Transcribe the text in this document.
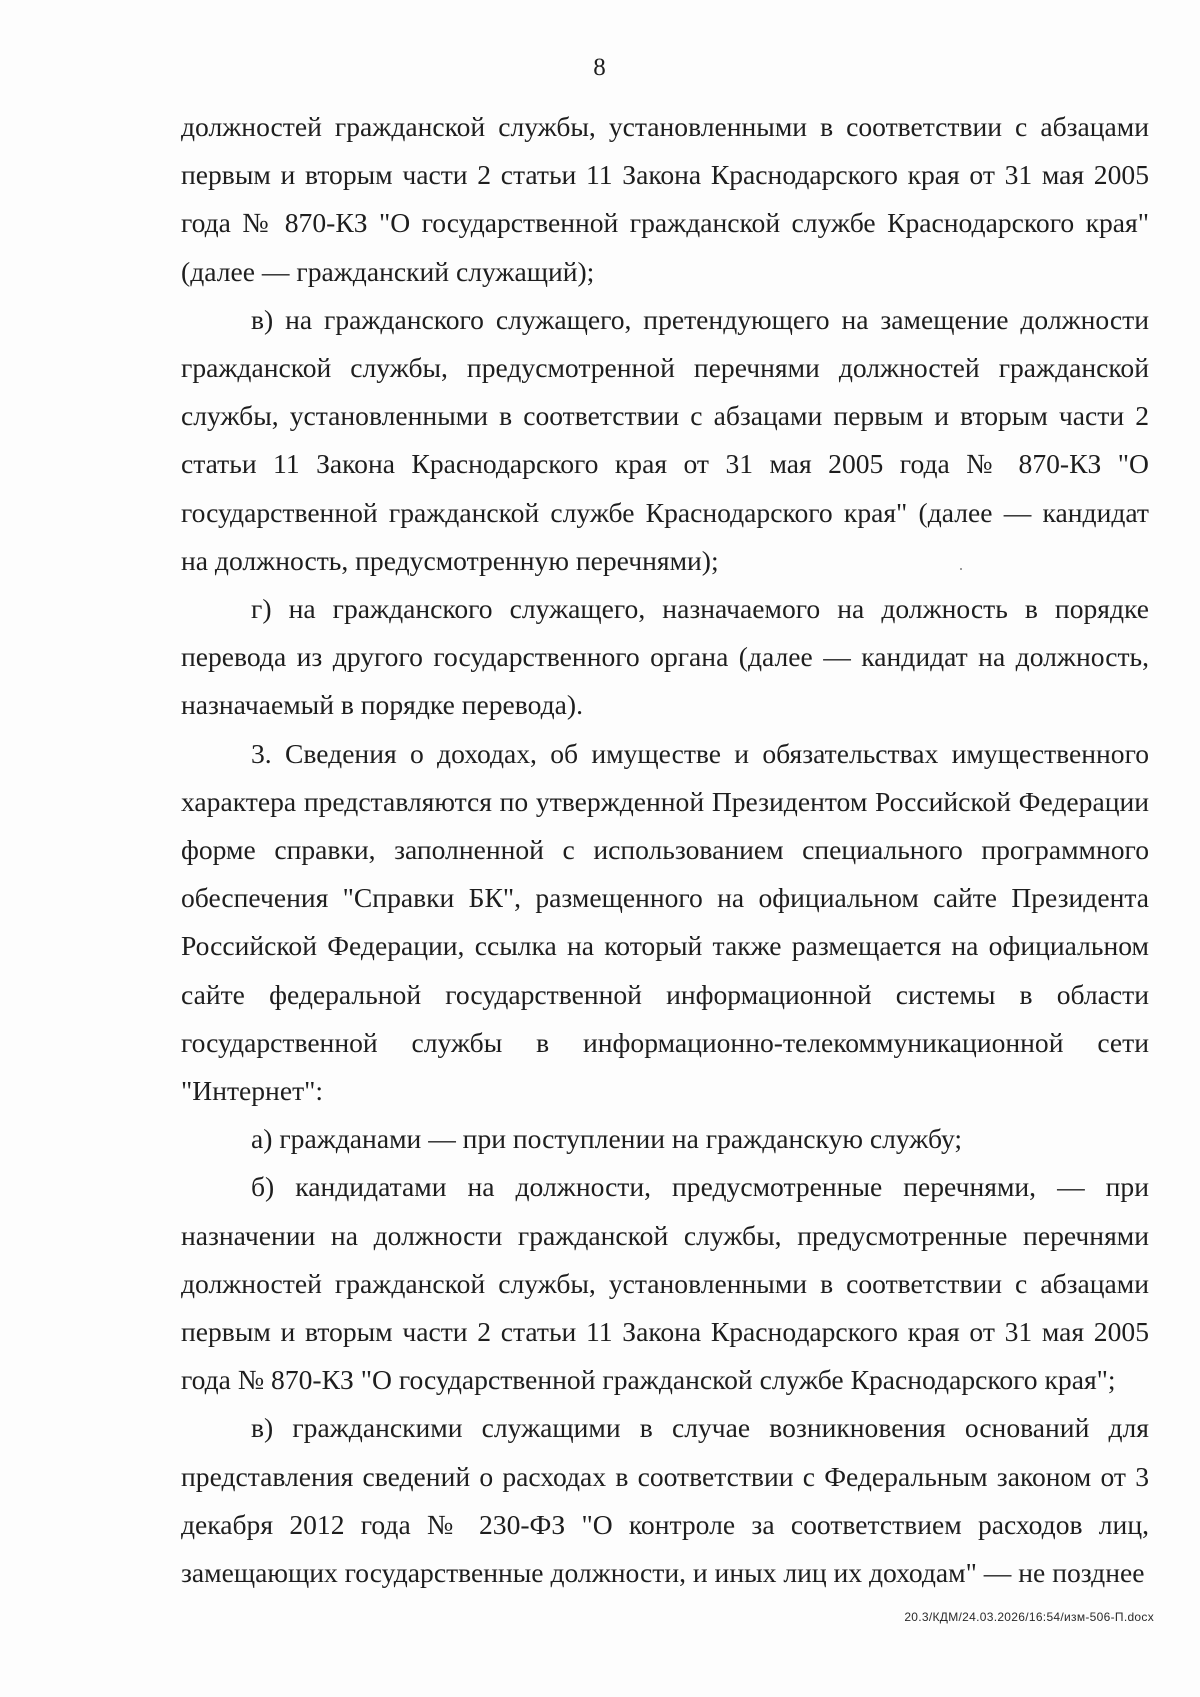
8

должностей гражданской службы, установленными в соответствии с абзацами первым и вторым части 2 статьи 11 Закона Краснодарского края от 31 мая 2005 года № 870-КЗ "О государственной гражданской службе Краснодарского края" (далее — гражданский служащий);

в) на гражданского служащего, претендующего на замещение должности гражданской службы, предусмотренной перечнями должностей гражданской службы, установленными в соответствии с абзацами первым и вторым части 2 статьи 11 Закона Краснодарского края от 31 мая 2005 года № 870-КЗ "О государственной гражданской службе Краснодарского края" (далее — кандидат на должность, предусмотренную перечнями);

г) на гражданского служащего, назначаемого на должность в порядке перевода из другого государственного органа (далее — кандидат на должность, назначаемый в порядке перевода).

3. Сведения о доходах, об имуществе и обязательствах имущественного характера представляются по утвержденной Президентом Российской Федерации форме справки, заполненной с использованием специального программного обеспечения "Справки БК", размещенного на официальном сайте Президента Российской Федерации, ссылка на который также размещается на официальном сайте федеральной государственной информационной системы в области государственной службы в информационно-телекоммуникационной сети "Интернет":

а) гражданами — при поступлении на гражданскую службу;

б) кандидатами на должности, предусмотренные перечнями, — при назначении на должности гражданской службы, предусмотренные перечнями должностей гражданской службы, установленными в соответствии с абзацами первым и вторым части 2 статьи 11 Закона Краснодарского края от 31 мая 2005 года № 870-КЗ "О государственной гражданской службе Краснодарского края";

в) гражданскими служащими в случае возникновения оснований для представления сведений о расходах в соответствии с Федеральным законом от 3 декабря 2012 года № 230-ФЗ "О контроле за соответствием расходов лиц, замещающих государственные должности, и иных лиц их доходам" — не позднее

20.3/КДМ/24.03.2026/16:54/изм-506-П.docx
